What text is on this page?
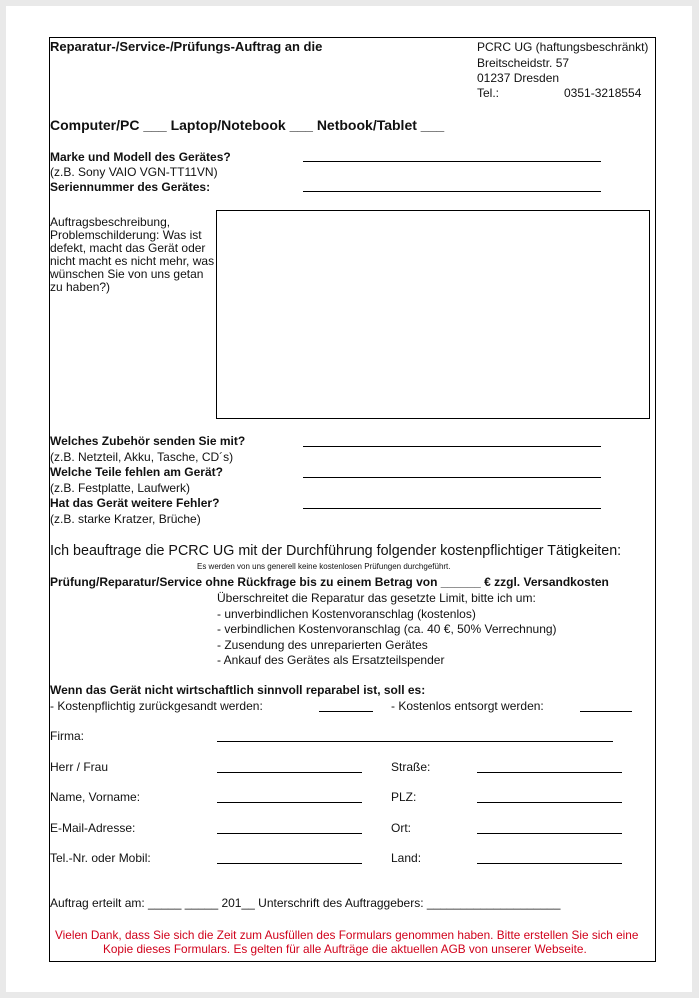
Reparatur-/Service-/Prüfungs-Auftrag an die	PCRC UG (haftungsbeschränkt)
Breitscheidstr. 57
01237 Dresden
Tel.:	0351-3218554
Computer/PC ___ Laptop/Notebook ___ Netbook/Tablet ___
Marke und Modell des Gerätes?
(z.B. Sony VAIO VGN-TT11VN)
Seriennummer des Gerätes:
Auftragsbeschreibung,
Problemschilderung: Was ist
defekt, macht das Gerät oder
nicht macht es nicht mehr, was
wünschen Sie von uns getan
zu haben?)
Welches Zubehör senden Sie mit?
(z.B. Netzteil, Akku, Tasche, CD´s)
Welche Teile fehlen am Gerät?
(z.B. Festplatte, Laufwerk)
Hat das Gerät weitere Fehler?
(z.B. starke Kratzer, Brüche)
Ich beauftrage die PCRC UG mit der Durchführung folgender kostenpflichtiger Tätigkeiten:
Es werden von uns generell keine kostenlosen Prüfungen durchgeführt.
Prüfung/Reparatur/Service ohne Rückfrage bis zu einem Betrag von ______ € zzgl. Versandkosten
Überschreitet die Reparatur das gesetzte Limit, bitte ich um:
- unverbindlichen Kostenvoranschlag (kostenlos)
- verbindlichen Kostenvoranschlag (ca. 40 €, 50% Verrechnung)
- Zusendung des unreparierten Gerätes
- Ankauf des Gerätes als Ersatzteilspender
Wenn das Gerät nicht wirtschaftlich sinnvoll reparabel ist, soll es:
- Kostenpflichtig zurückgesandt werden:	- Kostenlos entsorgt werden:
Firma:
Herr / Frau	Straße:
Name, Vorname:	PLZ:
E-Mail-Adresse:	Ort:
Tel.-Nr. oder Mobil:	Land:
Auftrag erteilt am: _____ _____ 201__ Unterschrift des Auftraggebers: ____________________
Vielen Dank, dass Sie sich die Zeit zum Ausfüllen des Formulars genommen haben. Bitte erstellen Sie sich eine
Kopie dieses Formulars. Es gelten für alle Aufträge die aktuellen AGB von unserer Webseite.
